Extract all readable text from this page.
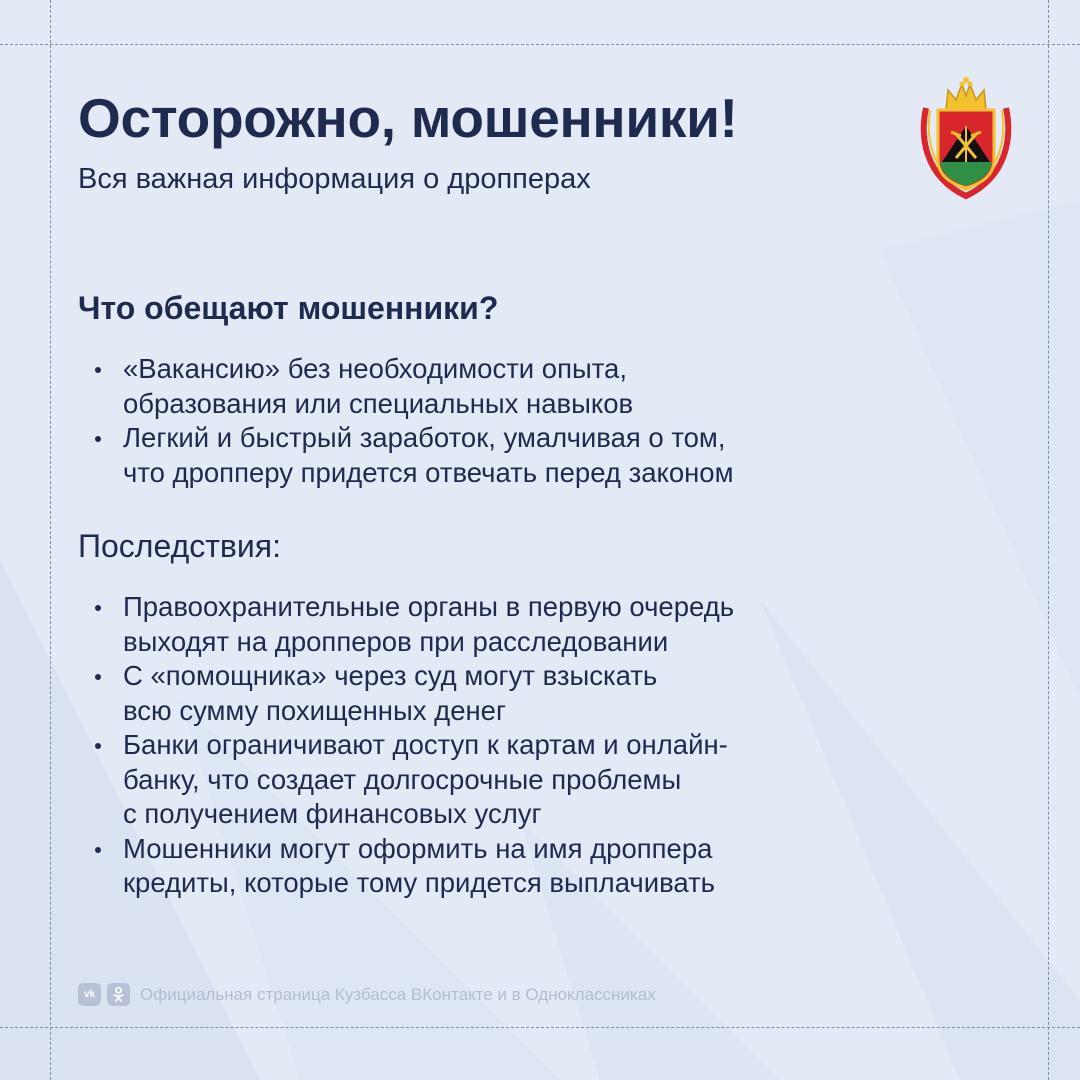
Осторожно, мошенники!

Вся важная информация о дропперах

Что обещают мошенники?
«Вакансию» без необходимости опыта,
образования или специальных навыков
Легкий и быстрый заработок, умалчивая о том,
что дропперу придется отвечать перед законом
Последствия:
Правоохранительные органы в первую очередь
выходят на дропперов при расследовании
С «помощника» через суд могут взыскать
всю сумму похищенных денег
Банки ограничивают доступ к картам и онлайн-
банку, что создает долгосрочные проблемы
с получением финансовых услуг
Мошенники могут оформить на имя дроппера
кредиты, которые тому придется выплачивать
vk	Официальная страница Кузбасса ВКонтакте и в Одноклассниках
